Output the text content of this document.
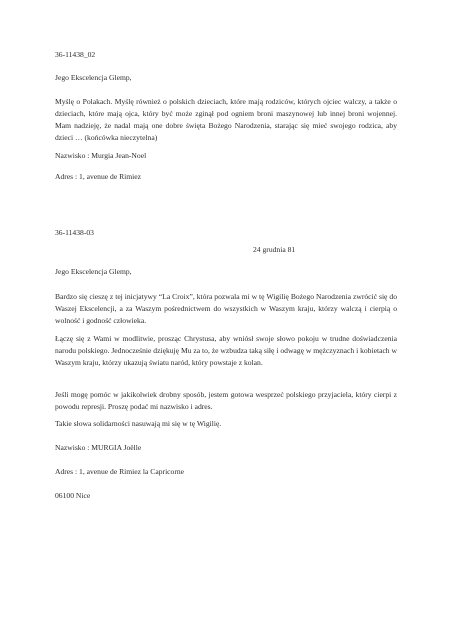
36-11438_02

Jego Ekscelencja Glemp,

Myślę o Polakach. Myślę również o polskich dzieciach, które mają rodziców, których ojciec walczy, a także o dzieciach, które mają ojca, który być może zginął pod ogniem broni maszynowej lub innej broni wojennej. Mam nadzieję, że nadal mają one dobre święta Bożego Narodzenia, starając się mieć swojego rodzica, aby dzieci … (końcówka nieczytelna)

Nazwisko : Murgia Jean-Noel

Adres : 1, avenue de Rimiez

36-11438-03

24 grudnia 81

Jego Ekscelencja Glemp,

Bardzo się cieszę z tej inicjatywy “La Croix”, która pozwala mi w tę Wigilię Bożego Narodzenia zwrócić się do Waszej Ekscelencji, a za Waszym pośrednictwem do wszystkich w Waszym kraju, którzy walczą i cierpią o wolność i godność człowieka.

Łączę się z Wami w modlitwie, prosząc Chrystusa, aby wniósł swoje słowo pokoju w trudne doświadczenia narodu polskiego. Jednocześnie dziękuję Mu za to, że wzbudza taką siłę i odwagę w mężczyznach i kobietach w Waszym kraju, którzy ukazują światu naród, który powstaje z kolan.

Jeśli mogę pomóc w jakikolwiek drobny sposób, jestem gotowa wesprzeć polskiego przyjaciela, który cierpi z powodu represji. Proszę podać mi nazwisko i adres.

Takie słowa solidarności nasuwają mi się w tę Wigilię.

Nazwisko : MURGIA Joëlle

Adres : 1, avenue de Rimiez la Capricorne

06100 Nice
